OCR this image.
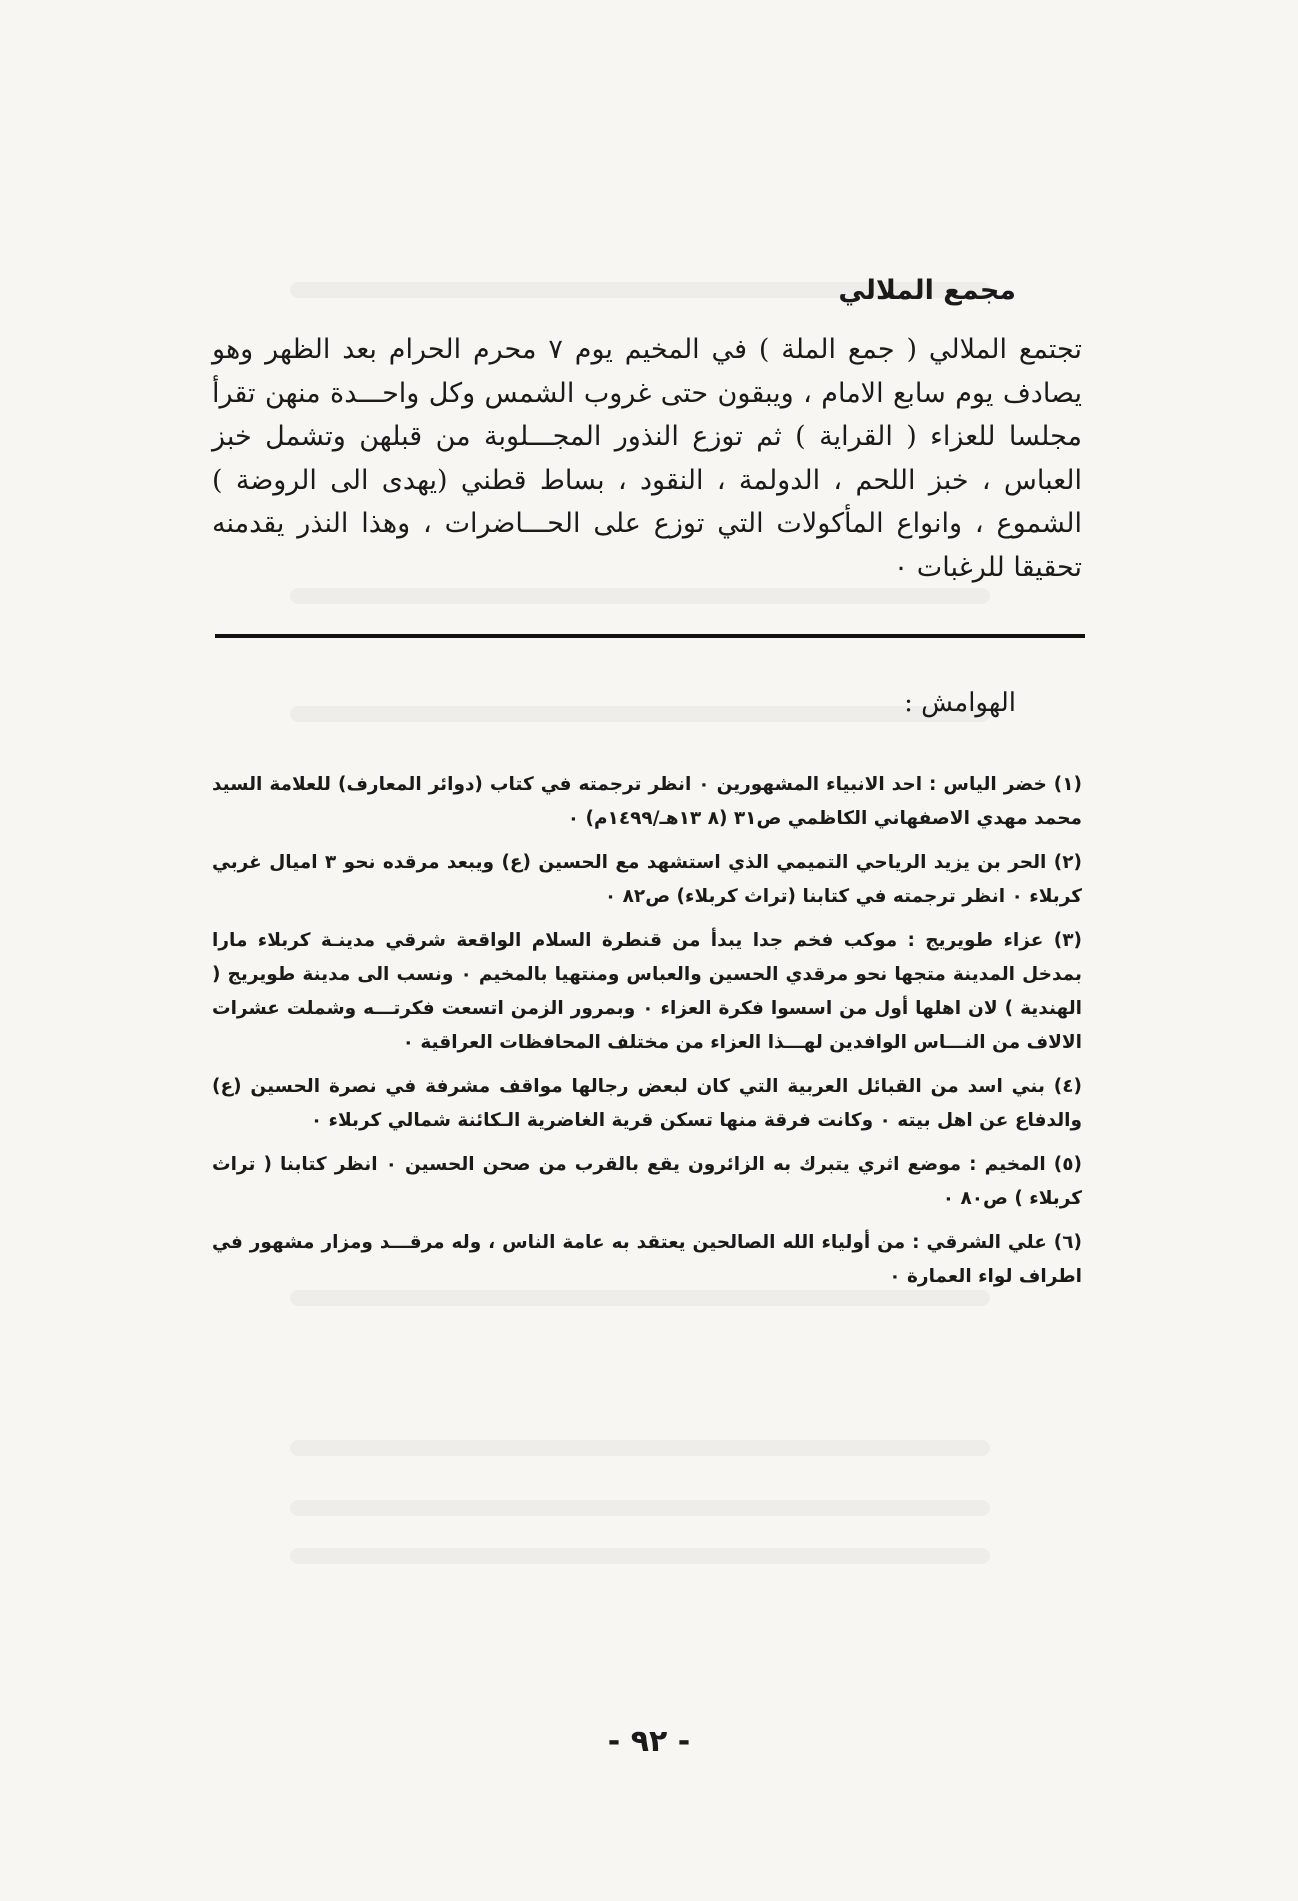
مجمع الملالي

تجتمع الملالي ( جمع الملة ) في المخيم يوم ٧ محرم الحرام بعد الظهر وهو يصادف يوم سابع الامام ، ويبقون حتى غروب الشمس وكل واحـــدة منهن تقرأ مجلسا للعزاء ( القراية ) ثم توزع النذور المجـــلوبة من قبلهن وتشمل خبز العباس ، خبز اللحم ، الدولمة ، النقود ، بساط قطني (يهدى الى الروضة ) الشموع ، وانواع المأكولات التي توزع على الحـــاضرات ، وهذا النذر يقدمنه تحقيقا للرغبات ٠

الهوامش :

(١) خضر الياس : احد الانبياء المشهورين ٠ انظر ترجمته في كتاب (دوائر المعارف) للعلامة السيد محمد مهدي الاصفهاني الكاظمي ص٣١ (٨ ١٣هـ/١٤٩٩م) ٠

(٢) الحر بن يزيد الرياحي التميمي الذي استشهد مع الحسين (ع) ويبعد مرقده نحو ٣ اميال غربي كربلاء ٠ انظر ترجمته في كتابنا (تراث كربلاء) ص٨٢ ٠

(٣) عزاء طويريج : موكب فخم جدا يبدأ من قنطرة السلام الواقعة شرقي مدينـة كربلاء مارا بمدخل المدينة متجها نحو مرقدي الحسين والعباس ومنتهيا بالمخيم ٠ ونسب الى مدينة طويريج ( الهندية ) لان اهلها أول من اسسوا فكرة العزاء ٠ وبمرور الزمن اتسعت فكرتـــه وشملت عشرات الالاف من النـــاس الوافدين لهـــذا العزاء من مختلف المحافظات العراقية ٠

(٤) بني اسد من القبائل العربية التي كان لبعض رجالها مواقف مشرفة في نصرة الحسين (ع) والدفاع عن اهل بيته ٠ وكانت فرقة منها تسكن قرية الغاضرية الـكائنة شمالي كربلاء ٠

(٥) المخيم : موضع اثري يتبرك به الزائرون يقع بالقرب من صحن الحسين ٠ انظر كتابنا ( تراث كربلاء ) ص٨٠ ٠

(٦) علي الشرقي : من أولياء الله الصالحين يعتقد به عامة الناس ، وله مرقـــد ومزار مشهور في اطراف لواء العمارة ٠

- ٩٢ -
